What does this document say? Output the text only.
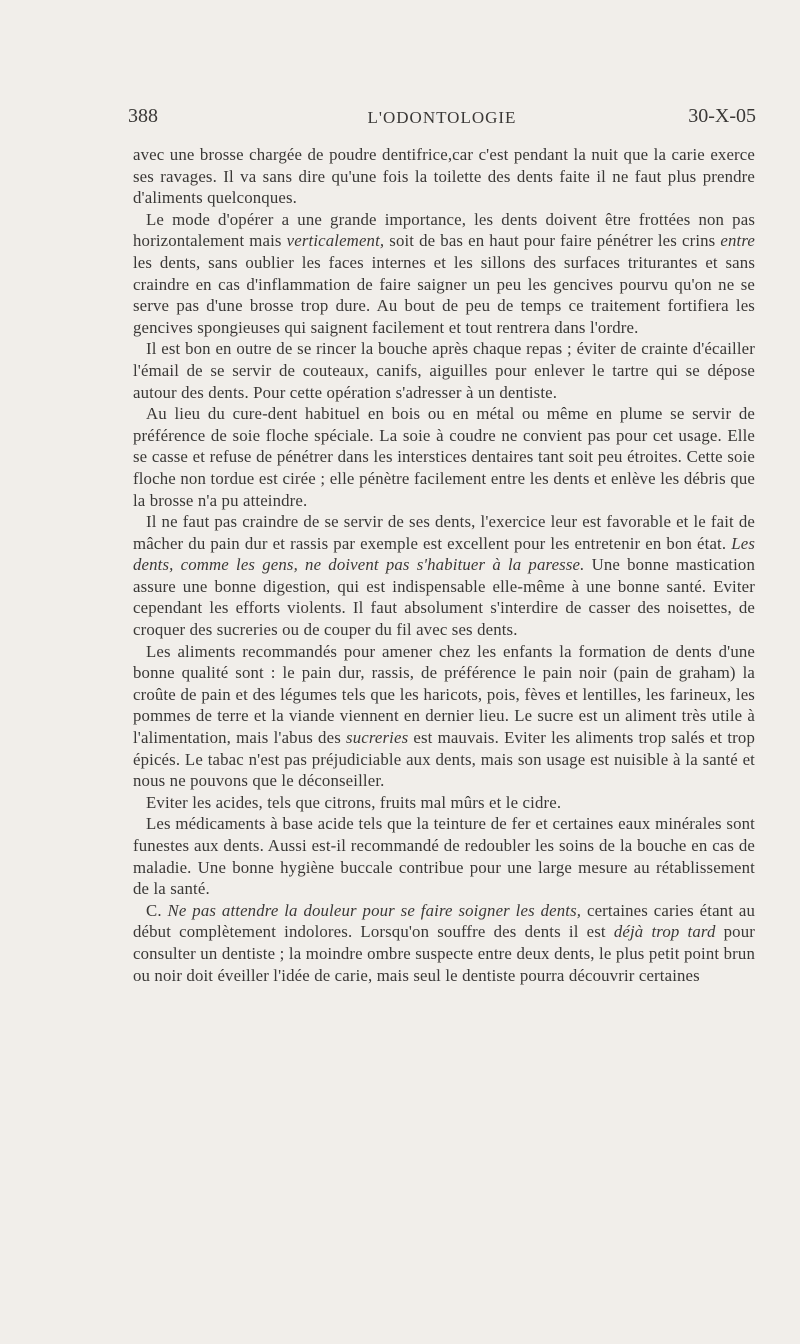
388	L'ODONTOLOGIE	30-X-05

avec une brosse chargée de poudre dentifrice,car c'est pendant la nuit que la carie exerce ses ravages. Il va sans dire qu'une fois la toilette des dents faite il ne faut plus prendre d'aliments quelconques.

Le mode d'opérer a une grande importance, les dents doivent être frottées non pas horizontalement mais verticalement, soit de bas en haut pour faire pénétrer les crins entre les dents, sans oublier les faces internes et les sillons des surfaces triturantes et sans craindre en cas d'inflammation de faire saigner un peu les gencives pourvu qu'on ne se serve pas d'une brosse trop dure. Au bout de peu de temps ce traitement fortifiera les gencives spongieuses qui saignent facilement et tout rentrera dans l'ordre.

Il est bon en outre de se rincer la bouche après chaque repas ; éviter de crainte d'écailler l'émail de se servir de couteaux, canifs, aiguilles pour enlever le tartre qui se dépose autour des dents. Pour cette opération s'adresser à un dentiste.

Au lieu du cure-dent habituel en bois ou en métal ou même en plume se servir de préférence de soie floche spéciale. La soie à coudre ne convient pas pour cet usage. Elle se casse et refuse de pénétrer dans les interstices dentaires tant soit peu étroites. Cette soie floche non tordue est cirée ; elle pénètre facilement entre les dents et enlève les débris que la brosse n'a pu atteindre.

Il ne faut pas craindre de se servir de ses dents, l'exercice leur est favorable et le fait de mâcher du pain dur et rassis par exemple est excellent pour les entretenir en bon état. Les dents, comme les gens, ne doivent pas s'habituer à la paresse. Une bonne mastication assure une bonne digestion, qui est indispensable elle-même à une bonne santé. Eviter cependant les efforts violents. Il faut absolument s'interdire de casser des noisettes, de croquer des sucreries ou de couper du fil avec ses dents.

Les aliments recommandés pour amener chez les enfants la formation de dents d'une bonne qualité sont : le pain dur, rassis, de préférence le pain noir (pain de graham) la croûte de pain et des légumes tels que les haricots, pois, fèves et lentilles, les farineux, les pommes de terre et la viande viennent en dernier lieu. Le sucre est un aliment très utile à l'alimentation, mais l'abus des sucreries est mauvais. Eviter les aliments trop salés et trop épicés. Le tabac n'est pas préjudiciable aux dents, mais son usage est nuisible à la santé et nous ne pouvons que le déconseiller.

Eviter les acides, tels que citrons, fruits mal mûrs et le cidre.

Les médicaments à base acide tels que la teinture de fer et certaines eaux minérales sont funestes aux dents. Aussi est-il recommandé de redoubler les soins de la bouche en cas de maladie. Une bonne hygiène buccale contribue pour une large mesure au rétablissement de la santé.

C. Ne pas attendre la douleur pour se faire soigner les dents, certaines caries étant au début complètement indolores. Lorsqu'on souffre des dents il est déjà trop tard pour consulter un dentiste ; la moindre ombre suspecte entre deux dents, le plus petit point brun ou noir doit éveiller l'idée de carie, mais seul le dentiste pourra découvrir certaines
